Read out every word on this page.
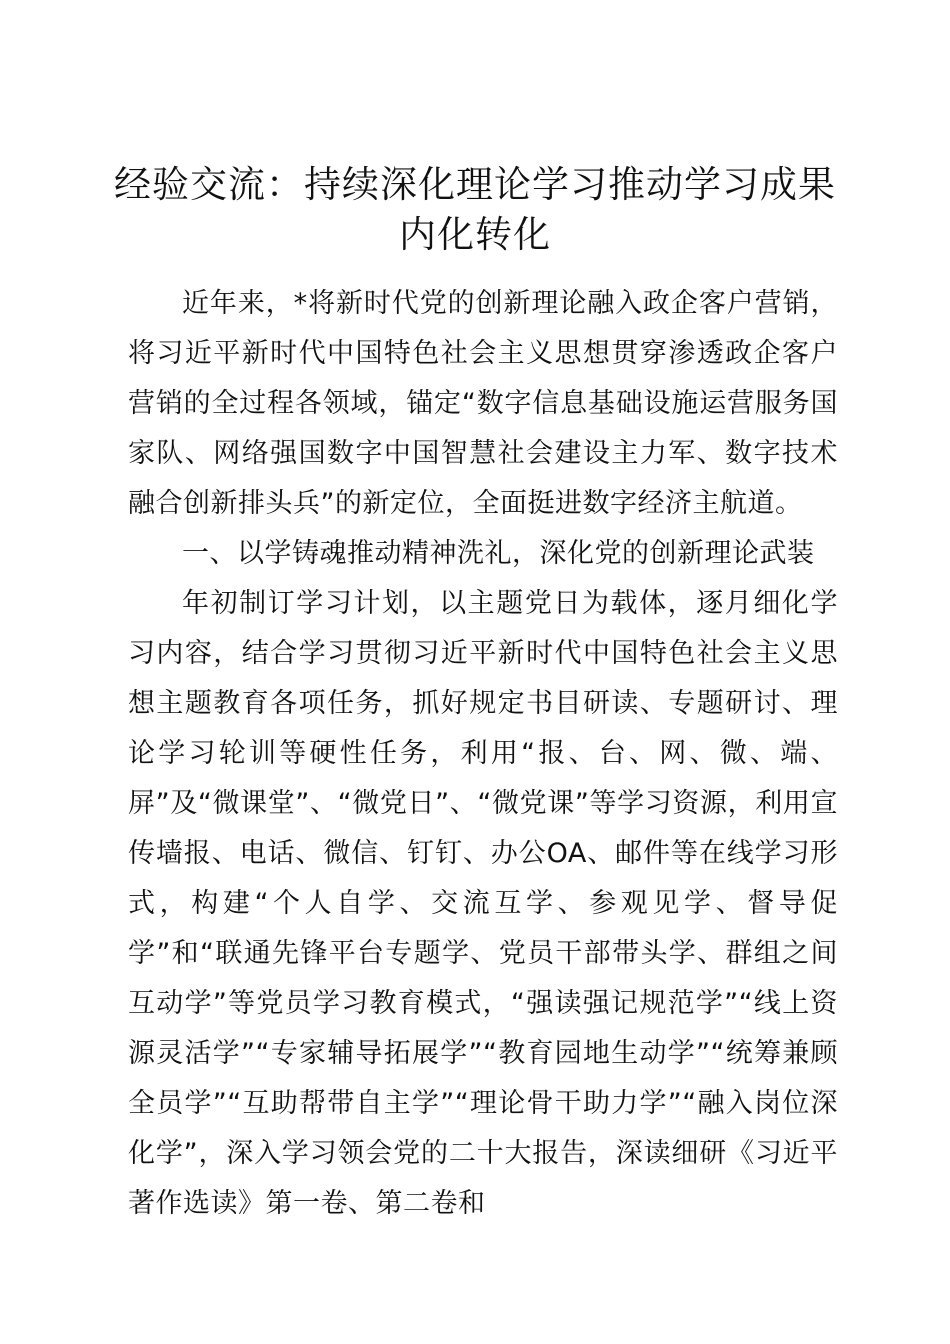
经验交流：持续深化理论学习推动学习成果内化转化

近年来，*将新时代党的创新理论融入政企客户营销，将习近平新时代中国特色社会主义思想贯穿渗透政企客户营销的全过程各领域，锚定“数字信息基础设施运营服务国家队、网络强国数字中国智慧社会建设主力军、数字技术融合创新排头兵”的新定位，全面挺进数字经济主航道。

一、以学铸魂推动精神洗礼，深化党的创新理论武装

年初制订学习计划，以主题党日为载体，逐月细化学习内容，结合学习贯彻习近平新时代中国特色社会主义思想主题教育各项任务，抓好规定书目研读、专题研讨、理论学习轮训等硬性任务，利用“报、台、网、微、端、屏”及“微课堂”、“微党日”、“微党课”等学习资源，利用宣传墙报、电话、微信、钉钉、办公OA、邮件等在线学习形式，构建“个人自学、交流互学、参观见学、督导促学”和“联通先锋平台专题学、党员干部带头学、群组之间互动学”等党员学习教育模式，“强读强记规范学”“线上资源灵活学”“专家辅导拓展学”“教育园地生动学”“统筹兼顾全员学”“互助帮带自主学”“理论骨干助力学”“融入岗位深化学”，深入学习领会党的二十大报告，深读细研《习近平著作选读》第一卷、第二卷和
